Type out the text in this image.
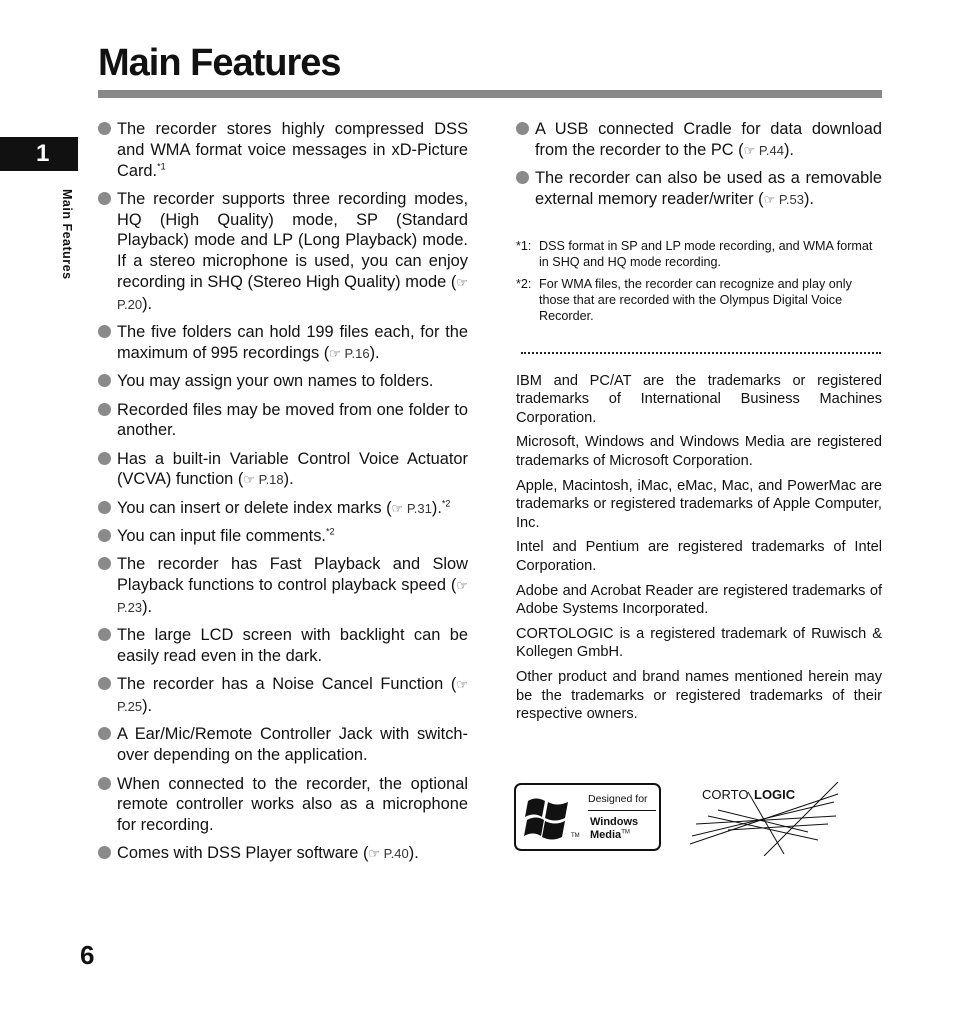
Main Features
1
Main Features
The recorder stores highly compressed DSS and WMA format voice messages in xD-Picture Card.$^{*1}$
The recorder supports three recording modes, HQ (High Quality) mode, SP (Standard Playback) mode and LP (Long Playback) mode. If a stereo microphone is used, you can enjoy recording in SHQ (Stereo High Quality) mode (☞ P.20).
The five folders can hold 199 files each, for the maximum of 995 recordings (☞ P.16).
You may assign your own names to folders.
Recorded files may be moved from one folder to another.
Has a built-in Variable Control Voice Actuator (VCVA) function (☞ P.18).
You can insert or delete index marks (☞ P.31).$^{*2}$
You can input file comments.$^{*2}$
The recorder has Fast Playback and Slow Playback functions to control playback speed (☞ P.23).
The large LCD screen with backlight can be easily read even in the dark.
The recorder has a Noise Cancel Function (☞ P.25).
A Ear/Mic/Remote Controller Jack with switch-over depending on the application.
When connected to the recorder, the optional remote controller works also as a microphone for recording.
Comes with DSS Player software (☞ P.40).
A USB connected Cradle for data download from the recorder to the PC (☞ P.44).
The recorder can also be used as a removable external memory reader/writer (☞ P.53).
*1: DSS format in SP and LP mode recording, and WMA format in SHQ and HQ mode recording.
*2: For WMA files, the recorder can recognize and play only those that are recorded with the Olympus Digital Voice Recorder.
IBM and PC/AT are the trademarks or registered trademarks of International Business Machines Corporation.
Microsoft, Windows and Windows Media are registered trademarks of Microsoft Corporation.
Apple, Macintosh, iMac, eMac, Mac, and PowerMac are trademarks or registered trademarks of Apple Computer, Inc.
Intel and Pentium are registered trademarks of Intel Corporation.
Adobe and Acrobat Reader are registered trademarks of Adobe Systems Incorporated.
CORTOLOGIC is a registered trademark of Ruwisch & Kollegen GmbH.
Other product and brand names mentioned herein may be the trademarks or registered trademarks of their respective owners.
TM
Designed for
Windows
Media™
CORTO LOGIC
6
